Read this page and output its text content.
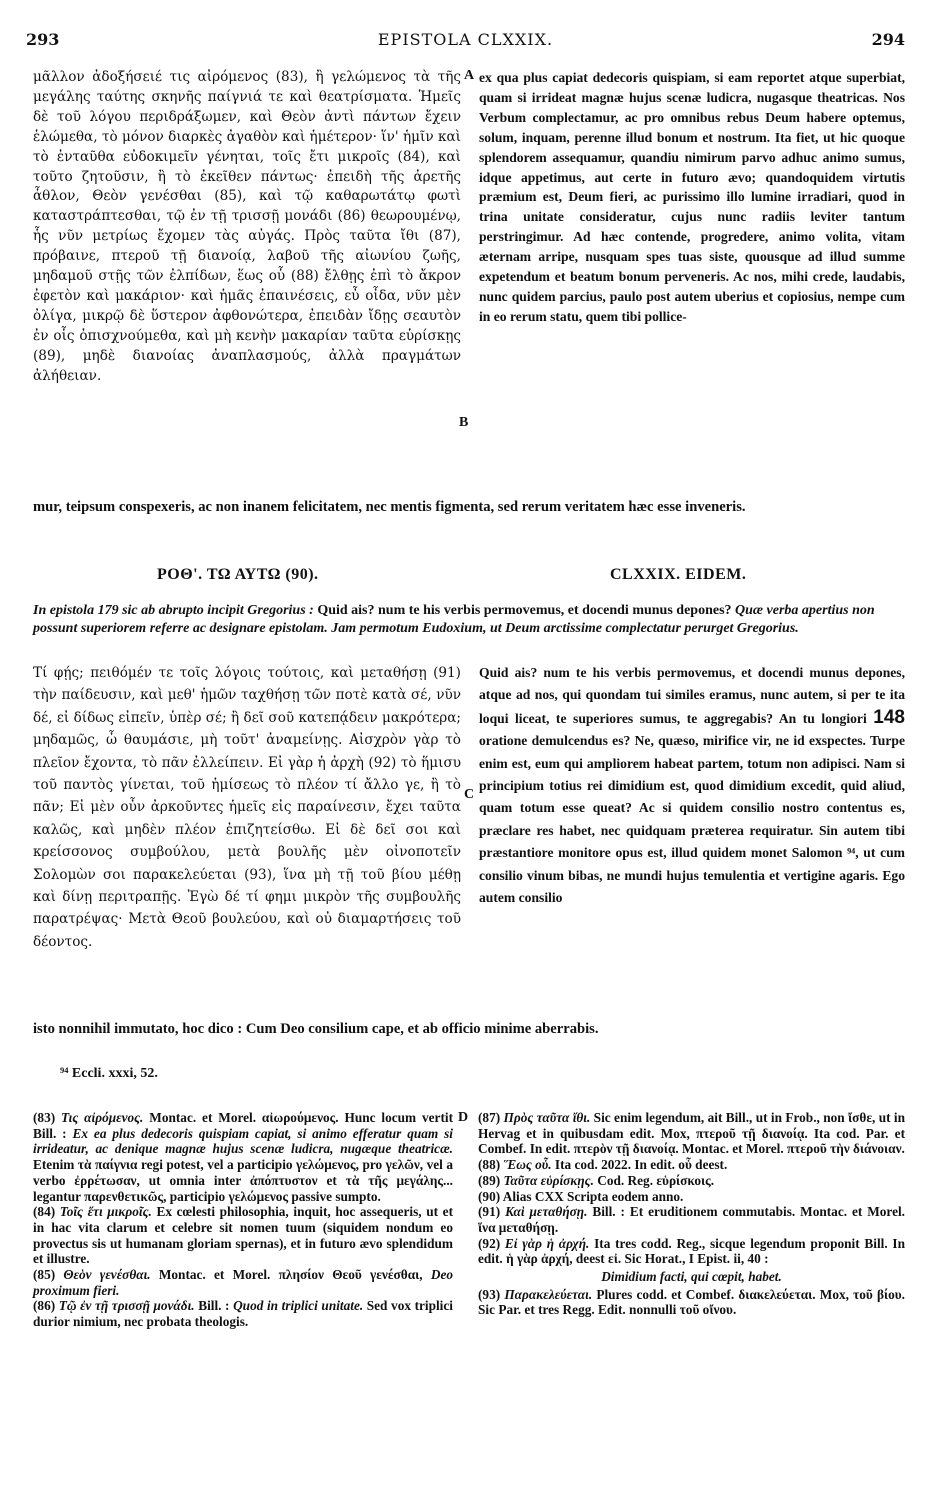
293	EPISTOLA CLXXIX.	294

μᾶλλον ἀδοξήσειέ τις αἰρόμενος (83), ἢ γελώμενος τὰ τῆς μεγάλης ταύτης σκηνῆς παίγνιά τε καὶ θεατρίσματα. Ἡμεῖς δὲ τοῦ λόγου περιδράξωμεν, καὶ Θεὸν ἀντὶ πάντων ἔχειν ἑλώμεθα, τὸ μόνον διαρκὲς ἀγαθὸν καὶ ἡμέτερον· ἵν' ἡμῖν καὶ τὸ ἐνταῦθα εὐδοκιμεῖν γένηται, τοῖς ἔτι μικροῖς (84), καὶ τοῦτο ζητοῦσιν, ἢ τὸ ἐκεῖθεν πάντως· ἐπειδὴ τῆς ἀρετῆς ἆθλον, Θεὸν γενέσθαι (85), καὶ τῷ καθαρωτάτῳ φωτὶ καταστράπτεσθαι, τῷ ἐν τῇ τρισσῇ μονάδι (86) θεωρουμένῳ, ἧς νῦν μετρίως ἔχομεν τὰς αὐγάς. Πρὸς ταῦτα ἴθι (87), πρόβαινε, πτεροῦ τῇ διανοίᾳ, λαβοῦ τῆς αἰωνίου ζωῆς, μηδαμοῦ στῇς τῶν ἐλπίδων, ἕως οὗ (88) ἔλθῃς ἐπὶ τὸ ἄκρον ἐφετὸν καὶ μακάριον· καὶ ἡμᾶς ἐπαινέσεις, εὖ οἶδα, νῦν μὲν ὀλίγα, μικρῷ δὲ ὕστερον ἀφθονώτερα, ἐπειδὰν ἴδῃς σεαυτὸν ἐν οἷς ὀπισχνούμεθα, καὶ μὴ κενὴν μακαρίαν ταῦτα εὑρίσκῃς (89), μηδὲ διανοίας ἀναπλασμούς, ἀλλὰ πραγμάτων ἀλήθειαν.

A
B

ex qua plus capiat dedecoris quispiam, si eam reportet atque superbiat, quam si irrideat magnæ hujus scenæ ludicra, nugasque theatricas. Nos Verbum complectamur, ac pro omnibus rebus Deum habere optemus, solum, inquam, perenne illud bonum et nostrum. Ita fiet, ut hic quoque splendorem assequamur, quandiu nimirum parvo adhuc animo sumus, idque appetimus, aut certe in futuro ævo; quandoquidem virtutis præmium est, Deum fieri, ac purissimo illo lumine irradiari, quod in trina unitate consideratur, cujus nunc radiis leviter tantum perstringimur. Ad hæc contende, progredere, animo volita, vitam æternam arripe, nusquam spes tuas siste, quousque ad illud summe expetendum et beatum bonum perveneris. Ac nos, mihi crede, laudabis, nunc quidem parcius, paulo post autem uberius et copiosius, nempe cum in eo rerum statu, quem tibi pollice-

mur, teipsum conspexeris, ac non inanem felicitatem, nec mentis figmenta, sed rerum veritatem hæc esse inveneris.
ΡΟΘ'. ΤΩ ΑΥΤΩ (90).	CLXXIX. EIDEM.
In epistola 179 sic ab abrupto incipit Gregorius : Quid ais? num te his verbis permovemus, et docendi munus depones? Quæ verba apertius non possunt superiorem referre ac designare epistolam. Jam permotum Eudoxium, ut Deum arctissime complectatur perurget Gregorius.

Τί φῄς; πειθόμέν τε τοῖς λόγοις τούτοις, καὶ μεταθήσῃ (91) τὴν παίδευσιν, καὶ μεθ' ἡμῶν ταχθήσῃ τῶν ποτὲ κατὰ σέ, νῦν δέ, εἰ δίδως εἰπεῖν, ὑπὲρ σέ; ἢ δεῖ σοῦ κατεπᾴδειν μακρότερα; μηδαμῶς, ὦ θαυμάσιε, μὴ τοῦτ' ἀναμείνῃς. Αἰσχρὸν γὰρ τὸ πλεῖον ἔχοντα, τὸ πᾶν ἐλλείπειν. Εἰ γὰρ ἡ ἀρχὴ (92) τὸ ἥμισυ τοῦ παντὸς γίνεται, τοῦ ἡμίσεως τὸ πλέον τί ἄλλο γε, ἢ τὸ πᾶν; Εἰ μὲν οὖν ἀρκοῦντες ἡμεῖς εἰς παραίνεσιν, ἔχει ταῦτα καλῶς, καὶ μηδὲν πλέον ἐπιζητείσθω. Εἰ δὲ δεῖ σοι καὶ κρείσσονος συμβούλου, μετὰ βουλῆς μὲν οἰνοποτεῖν Σολομὼν σοι παρακελεύεται (93), ἵνα μὴ τῇ τοῦ βίου μέθῃ καὶ δίνῃ περιτραπῇς. Ἐγὼ δέ τί φημι μικρὸν τῆς συμβουλῆς παρατρέψας· Μετὰ Θεοῦ βουλεύου, καὶ οὐ διαμαρτήσεις τοῦ δέοντος.

C

Quid ais? num te his verbis permovemus, et docendi munus depones, atque ad nos, qui quondam tui similes eramus, nunc autem, si per te ita loqui liceat, te superiores sumus, te aggregabis? An tu longiori 148 oratione demulcendus es? Ne, quæso, mirifice vir, ne id exspectes. Turpe enim est, eum qui ampliorem habeat partem, totum non adipisci. Nam si principium totius rei dimidium est, quod dimidium excedit, quid aliud, quam totum esse queat? Ac si quidem consilio nostro contentus es, præclare res habet, nec quidquam præterea requiratur. Sin autem tibi præstantiore monitore opus est, illud quidem monet Salomon ⁹⁴, ut cum consilio vinum bibas, ne mundi hujus temulentia et vertigine agaris. Ego autem consilio

isto nonnihil immutato, hoc dico : Cum Deo consilium cape, et ab officio minime aberrabis.
⁹⁴ Eccli. xxxi, 52.

(83) Τις αἰρόμενος. Montac. et Morel. αἰωρούμενος. Hunc locum vertit Bill. : Ex ea plus dedecoris quispiam capiat, si animo efferatur quam si irrideatur, ac denique magnæ hujus scenæ ludicra, nugæque theatricæ. Etenim τὰ παίγνια regi potest, vel a participio γελώμενος, pro γελῶν, vel a verbo ἐρρέτωσαν, ut omnia inter ἀπόπτυστον et τὰ τῆς μεγάλης... legantur παρενθετικῶς, participio γελώμενος passive sumpto.

(84) Τοῖς ἔτι μικροῖς. Ex cœlesti philosophia, inquit, hoc assequeris, ut et in hac vita clarum et celebre sit nomen tuum (siquidem nondum eo provectus sis ut humanam gloriam spernas), et in futuro ævo splendidum et illustre.

(85) Θεὸν γενέσθαι. Montac. et Morel. πλησίον Θεοῦ γενέσθαι, Deo proximum fieri.

(86) Τῷ ἐν τῇ τρισσῇ μονάδι. Bill. : Quod in triplici unitate. Sed vox triplici durior nimium, nec probata theologis.

D (87) Πρὸς ταῦτα ἴθι. Sic enim legendum, ait Bill., ut in Frob., non ἴσθε, ut in Hervag et in quibusdam edit. Mox, πτεροῦ τῇ διανοίᾳ. Ita cod. Par. et Combef. In edit. πτερὸν τῇ διανοίᾳ. Montac. et Morel. πτεροῦ τὴν διάνοιαν.

(88) Ἕως οὗ. Ita cod. 2022. In edit. οὗ deest.

(89) Ταῦτα εὑρίσκῃς. Cod. Reg. εὑρίσκοις.

(90) Alias CXX Scripta eodem anno.

(91) Καὶ μεταθήσῃ. Bill. : Et eruditionem commutabis. Montac. et Morel. ἵνα μεταθήσῃ.

(92) Εἰ γὰρ ἡ ἀρχή. Ita tres codd. Reg., sicque legendum proponit Bill. In edit. ἡ γὰρ ἀρχή, deest εἰ. Sic Horat., I Epist. ii, 40 :

Dimidium facti, qui cœpit, habet.

(93) Παρακελεύεται. Plures codd. et Combef. διακελεύεται. Mox, τοῦ βίου. Sic Par. et tres Regg. Edit. nonnulli τοῦ οἴνου.
